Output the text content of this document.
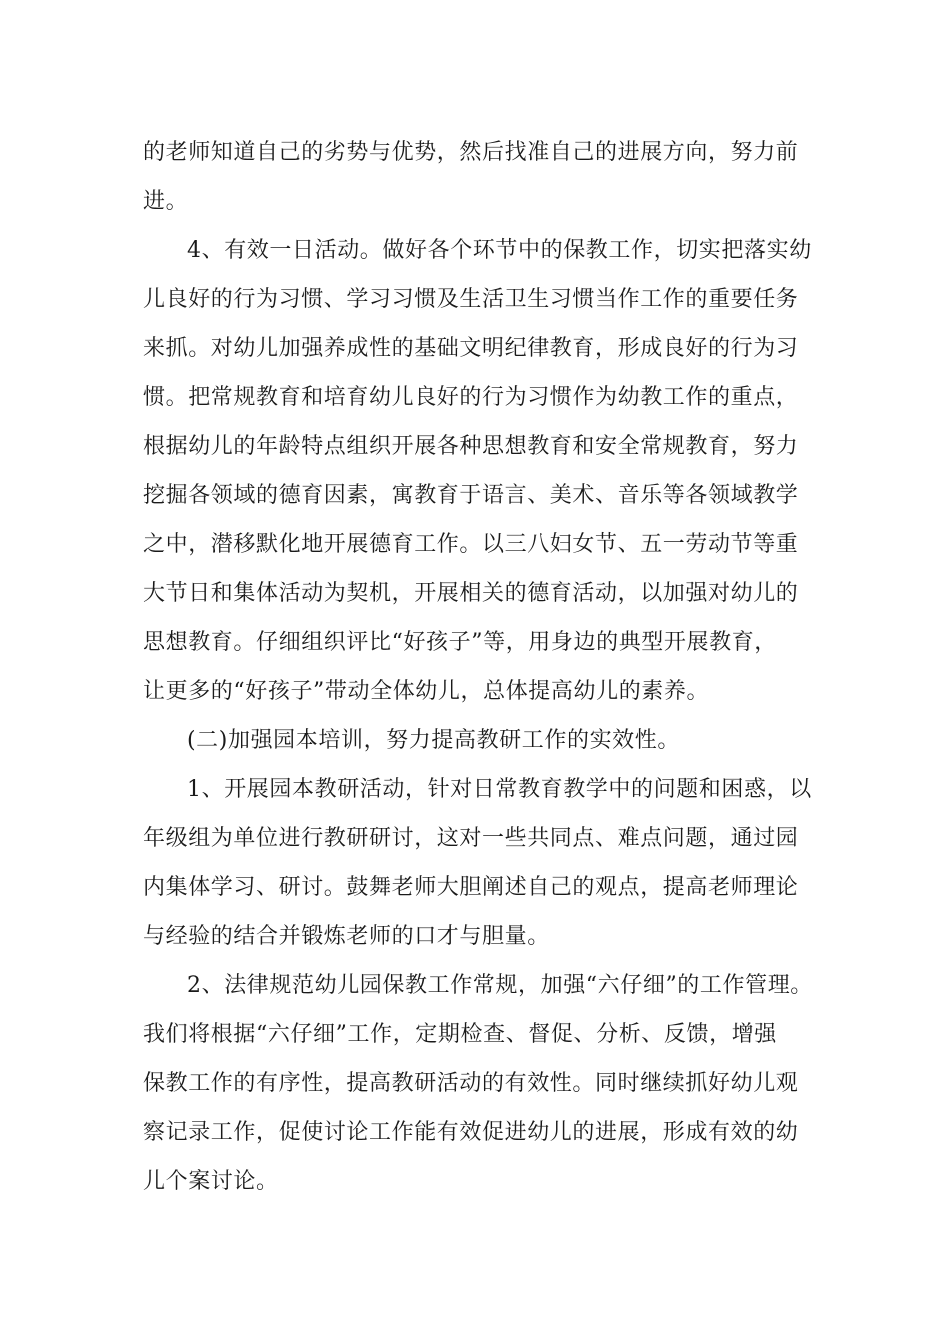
的老师知道自己的劣势与优势，然后找准自己的进展方向，努力前
进。
4、有效一日活动。做好各个环节中的保教工作，切实把落实幼
儿良好的行为习惯、学习习惯及生活卫生习惯当作工作的重要任务
来抓。对幼儿加强养成性的基础文明纪律教育，形成良好的行为习
惯。把常规教育和培育幼儿良好的行为习惯作为幼教工作的重点，
根据幼儿的年龄特点组织开展各种思想教育和安全常规教育，努力
挖掘各领域的德育因素，寓教育于语言、美术、音乐等各领域教学
之中，潜移默化地开展德育工作。以三八妇女节、五一劳动节等重
大节日和集体活动为契机，开展相关的德育活动，以加强对幼儿的
思想教育。仔细组织评比“好孩子”等，用身边的典型开展教育，
让更多的“好孩子”带动全体幼儿，总体提高幼儿的素养。
(二)加强园本培训，努力提高教研工作的实效性。
1、开展园本教研活动，针对日常教育教学中的问题和困惑，以
年级组为单位进行教研研讨，这对一些共同点、难点问题，通过园
内集体学习、研讨。鼓舞老师大胆阐述自己的观点，提高老师理论
与经验的结合并锻炼老师的口才与胆量。
2、法律规范幼儿园保教工作常规，加强“六仔细”的工作管理。
我们将根据“六仔细”工作，定期检查、督促、分析、反馈，增强
保教工作的有序性，提高教研活动的有效性。同时继续抓好幼儿观
察记录工作，促使讨论工作能有效促进幼儿的进展，形成有效的幼
儿个案讨论。
